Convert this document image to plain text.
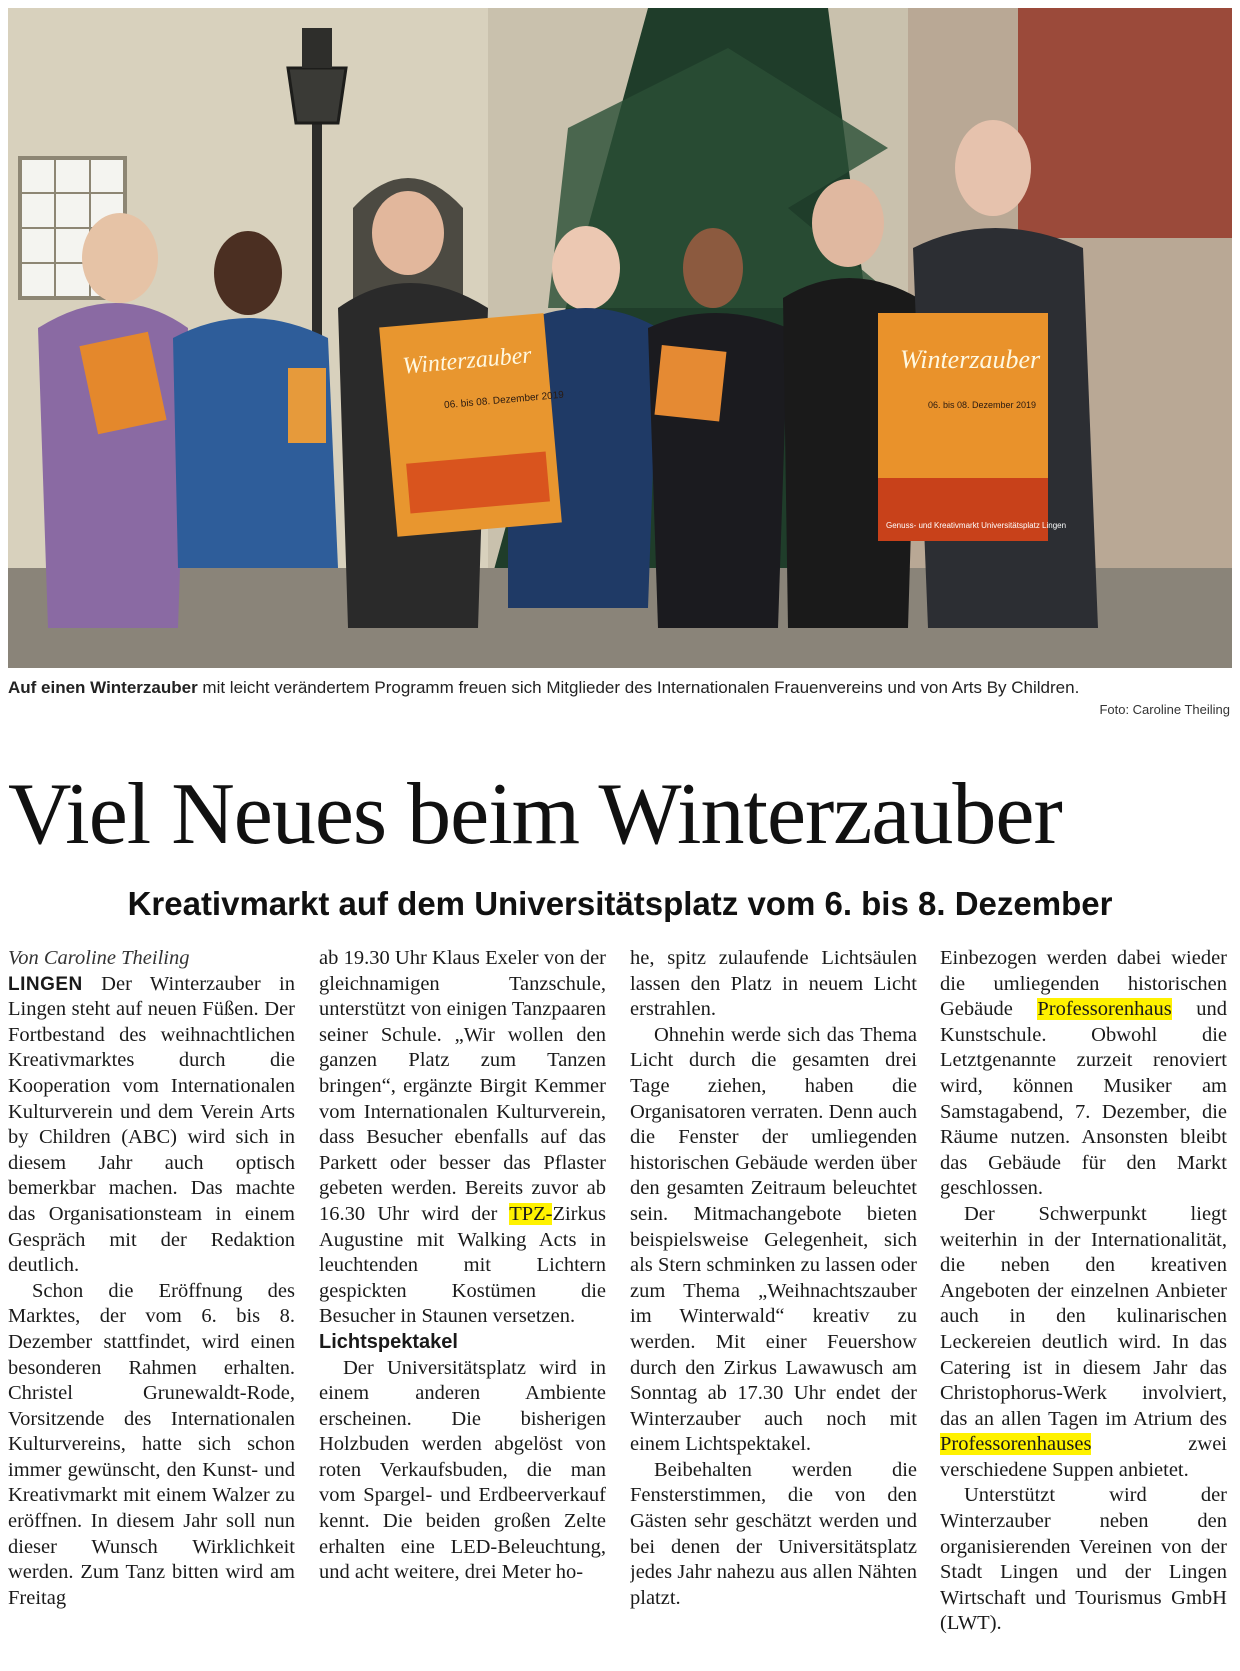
Winterzauber
06. bis 08. Dezember 2019
Winterzauber
06. bis 08. Dezember 2019
Genuss- und Kreativmarkt Universitätsplatz Lingen
Auf einen Winterzauber mit leicht verändertem Programm freuen sich Mitglieder des Internationalen Frauenvereins und von Arts By Children.
Foto: Caroline Theiling
Viel Neues beim Winterzauber
Kreativmarkt auf dem Universitätsplatz vom 6. bis 8. Dezember

Von Caroline Theiling

LINGEN Der Winterzauber in Lingen steht auf neuen Füßen. Der Fortbestand des weihnachtlichen Kreativmarktes durch die Kooperation vom Internationalen Kulturverein und dem Verein Arts by Children (ABC) wird sich in diesem Jahr auch optisch bemerkbar machen. Das machte das Organisationsteam in einem Gespräch mit der Redaktion deutlich.

Schon die Eröffnung des Marktes, der vom 6. bis 8. Dezember stattfindet, wird einen besonderen Rahmen erhalten. Christel Grunewaldt-Rode, Vorsitzende des Internationalen Kulturvereins, hatte sich schon immer gewünscht, den Kunst- und Kreativmarkt mit einem Walzer zu eröffnen. In diesem Jahr soll nun dieser Wunsch Wirklichkeit werden. Zum Tanz bitten wird am Freitag

ab 19.30 Uhr Klaus Exeler von der gleichnamigen Tanzschule, unterstützt von einigen Tanzpaaren seiner Schule. „Wir wollen den ganzen Platz zum Tanzen bringen“, ergänzte Birgit Kemmer vom Internationalen Kulturverein, dass Besucher ebenfalls auf das Parkett oder besser das Pflaster gebeten werden. Bereits zuvor ab 16.30 Uhr wird der TPZ-Zirkus Augustine mit Walking Acts in leuchtenden mit Lichtern gespickten Kostümen die Besucher in Staunen versetzen.

Lichtspektakel

Der Universitätsplatz wird in einem anderen Ambiente erscheinen. Die bisherigen Holzbuden werden abgelöst von roten Verkaufsbuden, die man vom Spargel- und Erdbeerverkauf kennt. Die beiden großen Zelte erhalten eine LED-Beleuchtung, und acht weitere, drei Meter ho-

he, spitz zulaufende Lichtsäulen lassen den Platz in neuem Licht erstrahlen.

Ohnehin werde sich das Thema Licht durch die gesamten drei Tage ziehen, haben die Organisatoren verraten. Denn auch die Fenster der umliegenden historischen Gebäude werden über den gesamten Zeitraum beleuchtet sein. Mitmachangebote bieten beispielsweise Gelegenheit, sich als Stern schminken zu lassen oder zum Thema „Weihnachtszauber im Winterwald“ kreativ zu werden. Mit einer Feuershow durch den Zirkus Lawawusch am Sonntag ab 17.30 Uhr endet der Winterzauber auch noch mit einem Lichtspektakel.

Beibehalten werden die Fensterstimmen, die von den Gästen sehr geschätzt werden und bei denen der Universitätsplatz jedes Jahr nahezu aus allen Nähten platzt.

Einbezogen werden dabei wieder die umliegenden historischen Gebäude Professorenhaus und Kunstschule. Obwohl die Letztgenannte zurzeit renoviert wird, können Musiker am Samstagabend, 7. Dezember, die Räume nutzen. Ansonsten bleibt das Gebäude für den Markt geschlossen.

Der Schwerpunkt liegt weiterhin in der Internationalität, die neben den kreativen Angeboten der einzelnen Anbieter auch in den kulinarischen Leckereien deutlich wird. In das Catering ist in diesem Jahr das Christophorus-Werk involviert, das an allen Tagen im Atrium des Professorenhauses zwei verschiedene Suppen anbietet.

Unterstützt wird der Winterzauber neben den organisierenden Vereinen von der Stadt Lingen und der Lingen Wirtschaft und Tourismus GmbH (LWT).
